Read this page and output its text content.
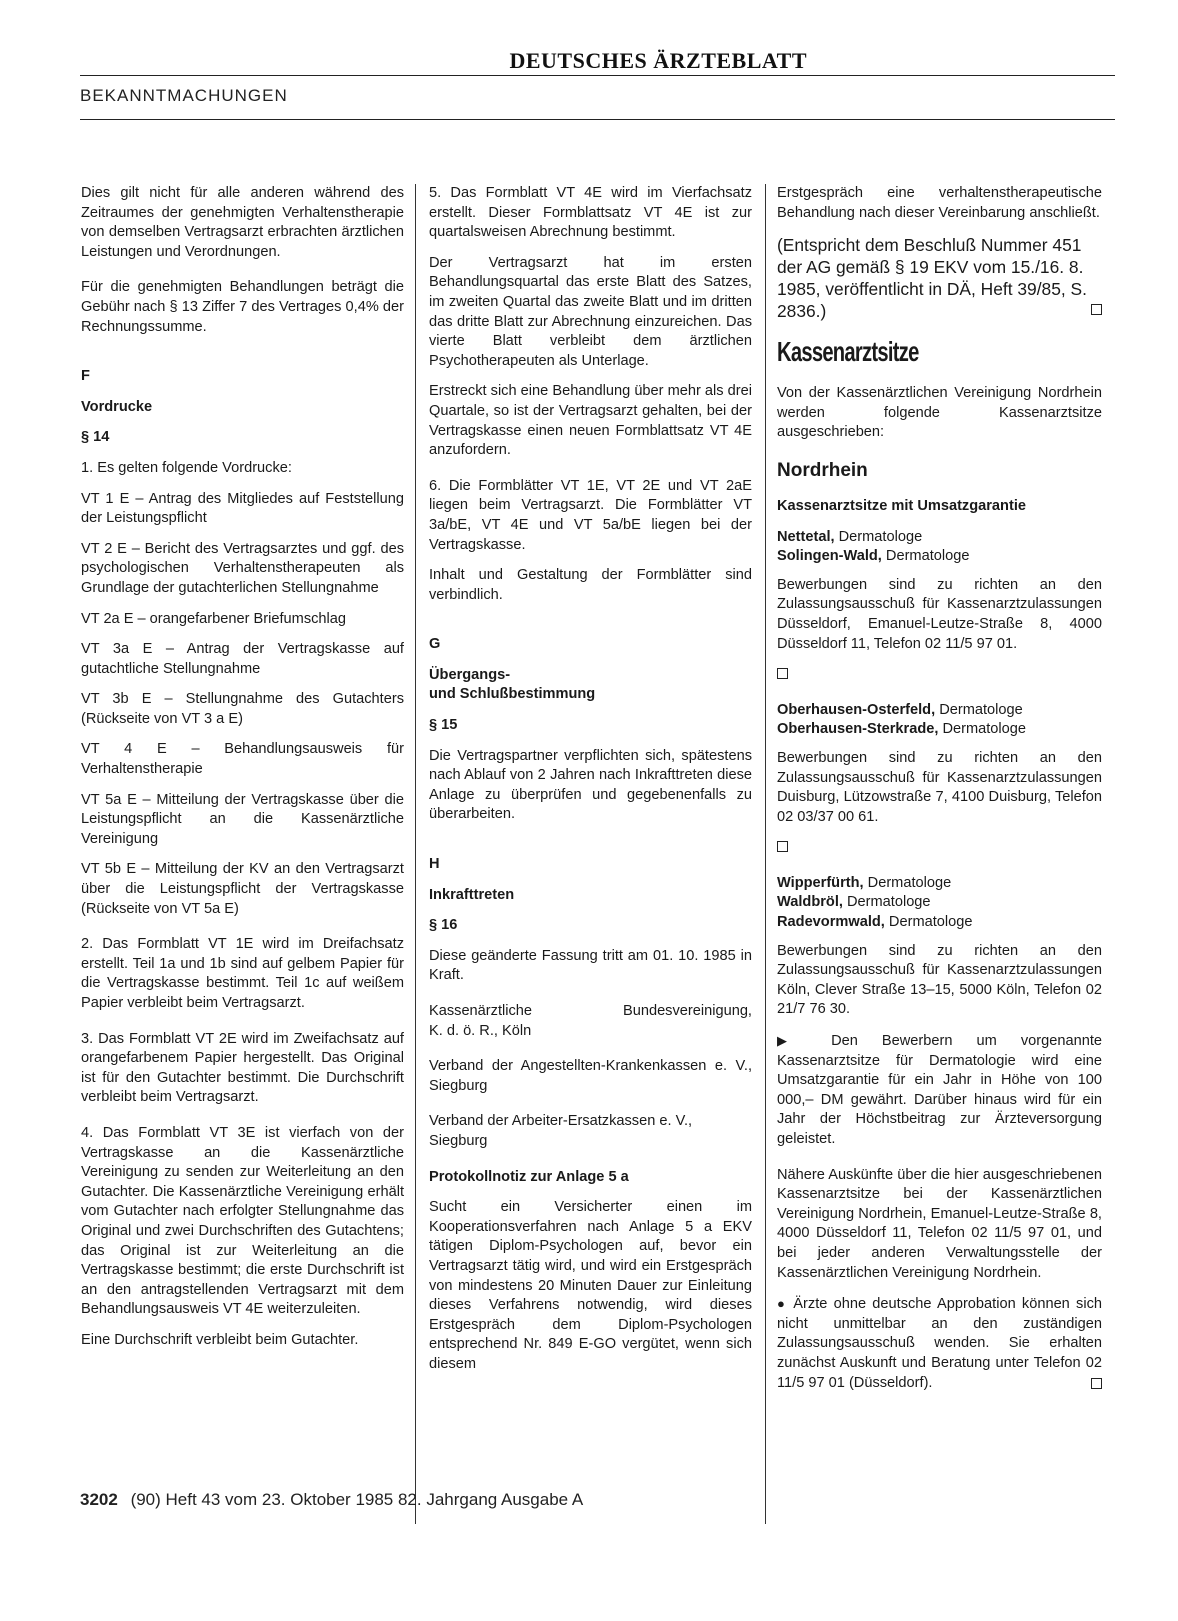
DEUTSCHES ÄRZTEBLATT
BEKANNTMACHUNGEN

Dies gilt nicht für alle anderen während des Zeitraumes der genehmigten Verhaltenstherapie von demselben Vertragsarzt erbrachten ärztlichen Leistungen und Verordnungen.

Für die genehmigten Behandlungen beträgt die Gebühr nach § 13 Ziffer 7 des Vertrages 0,4% der Rechnungssumme.

F
Vordrucke
§ 14

1. Es gelten folgende Vordrucke:

VT 1 E – Antrag des Mitgliedes auf Feststellung der Leistungspflicht

VT 2 E – Bericht des Vertragsarztes und ggf. des psychologischen Verhaltenstherapeuten als Grundlage der gutachterlichen Stellungnahme

VT 2a E – orangefarbener Briefumschlag

VT 3a E – Antrag der Vertragskasse auf gutachtliche Stellungnahme

VT 3b E – Stellungnahme des Gutachters (Rückseite von VT 3 a E)

VT 4 E – Behandlungsausweis für Verhaltenstherapie

VT 5a E – Mitteilung der Vertragskasse über die Leistungspflicht an die Kassenärztliche Vereinigung

VT 5b E – Mitteilung der KV an den Vertragsarzt über die Leistungspflicht der Vertragskasse (Rückseite von VT 5a E)

2. Das Formblatt VT 1E wird im Dreifachsatz erstellt. Teil 1a und 1b sind auf gelbem Papier für die Vertragskasse bestimmt. Teil 1c auf weißem Papier verbleibt beim Vertragsarzt.

3. Das Formblatt VT 2E wird im Zweifachsatz auf orangefarbenem Papier hergestellt. Das Original ist für den Gutachter bestimmt. Die Durchschrift verbleibt beim Vertragsarzt.

4. Das Formblatt VT 3E ist vierfach von der Vertragskasse an die Kassenärztliche Vereinigung zu senden zur Weiterleitung an den Gutachter. Die Kassenärztliche Vereinigung erhält vom Gutachter nach erfolgter Stellungnahme das Original und zwei Durchschriften des Gutachtens; das Original ist zur Weiterleitung an die Vertragskasse bestimmt; die erste Durchschrift ist an den antragstellenden Vertragsarzt mit dem Behandlungsausweis VT 4E weiterzuleiten.

Eine Durchschrift verbleibt beim Gutachter.

5. Das Formblatt VT 4E wird im Vierfachsatz erstellt. Dieser Formblattsatz VT 4E ist zur quartalsweisen Abrechnung bestimmt.

Der Vertragsarzt hat im ersten Behandlungsquartal das erste Blatt des Satzes, im zweiten Quartal das zweite Blatt und im dritten das dritte Blatt zur Abrechnung einzureichen. Das vierte Blatt verbleibt dem ärztlichen Psychotherapeuten als Unterlage.

Erstreckt sich eine Behandlung über mehr als drei Quartale, so ist der Vertragsarzt gehalten, bei der Vertragskasse einen neuen Formblattsatz VT 4E anzufordern.

6. Die Formblätter VT 1E, VT 2E und VT 2aE liegen beim Vertragsarzt. Die Formblätter VT 3a/bE, VT 4E und VT 5a/bE liegen bei der Vertragskasse.

Inhalt und Gestaltung der Formblätter sind verbindlich.

G
Übergangs-
und Schlußbestimmung
§ 15

Die Vertragspartner verpflichten sich, spätestens nach Ablauf von 2 Jahren nach Inkrafttreten diese Anlage zu überprüfen und gegebenenfalls zu überarbeiten.

H
Inkrafttreten
§ 16

Diese geänderte Fassung tritt am 01. 10. 1985 in Kraft.

Kassenärztliche	Bundesvereinigung,
K. d. ö. R., Köln

Verband der Angestellten-Krankenkassen e. V., Siegburg

Verband der Arbeiter-Ersatzkassen e. V., Siegburg

Protokollnotiz zur Anlage 5 a

Sucht ein Versicherter einen im Kooperationsverfahren nach Anlage 5 a EKV tätigen Diplom-Psychologen auf, bevor ein Vertragsarzt tätig wird, und wird ein Erstgespräch von mindestens 20 Minuten Dauer zur Einleitung dieses Verfahrens notwendig, wird dieses Erstgespräch dem Diplom-Psychologen entsprechend Nr. 849 E-GO vergütet, wenn sich diesem

Erstgespräch eine verhaltenstherapeutische Behandlung nach dieser Vereinbarung anschließt.

(Entspricht dem Beschluß Nummer 451 der AG gemäß § 19 EKV vom 15./16. 8. 1985, veröffentlicht in DÄ, Heft 39/85, S. 2836.)

Kassenarztsitze

Von der Kassenärztlichen Vereinigung Nordrhein werden folgende Kassenarztsitze ausgeschrieben:

Nordrhein
Kassenarztsitze mit Umsatzgarantie

Nettetal, Dermatologe
Solingen-Wald, Dermatologe

Bewerbungen sind zu richten an den Zulassungsausschuß für Kassenarztzulassungen Düsseldorf, Emanuel-Leutze-Straße 8, 4000 Düsseldorf 11, Telefon 02 11/5 97 01.

Oberhausen-Osterfeld, Dermatologe
Oberhausen-Sterkrade, Dermatologe

Bewerbungen sind zu richten an den Zulassungsausschuß für Kassenarztzulassungen Duisburg, Lützowstraße 7, 4100 Duisburg, Telefon 02 03/37 00 61.

Wipperfürth, Dermatologe
Waldbröl, Dermatologe
Radevormwald, Dermatologe

Bewerbungen sind zu richten an den Zulassungsausschuß für Kassenarztzulassungen Köln, Clever Straße 13–15, 5000 Köln, Telefon 02 21/7 76 30.

▶ Den Bewerbern um vorgenannte Kassenarztsitze für Dermatologie wird eine Umsatzgarantie für ein Jahr in Höhe von 100 000,– DM gewährt. Darüber hinaus wird für ein Jahr der Höchstbeitrag zur Ärzteversorgung geleistet.

Nähere Auskünfte über die hier ausgeschriebenen Kassenarztsitze bei der Kassenärztlichen Vereinigung Nordrhein, Emanuel-Leutze-Straße 8, 4000 Düsseldorf 11, Telefon 02 11/5 97 01, und bei jeder anderen Verwaltungsstelle der Kassenärztlichen Vereinigung Nordrhein.

● Ärzte ohne deutsche Approbation können sich nicht unmittelbar an den zuständigen Zulassungsausschuß wenden. Sie erhalten zunächst Auskunft und Beratung unter Telefon 02 11/5 97 01 (Düsseldorf).

3202 (90) Heft 43 vom 23. Oktober 1985 82. Jahrgang Ausgabe A
